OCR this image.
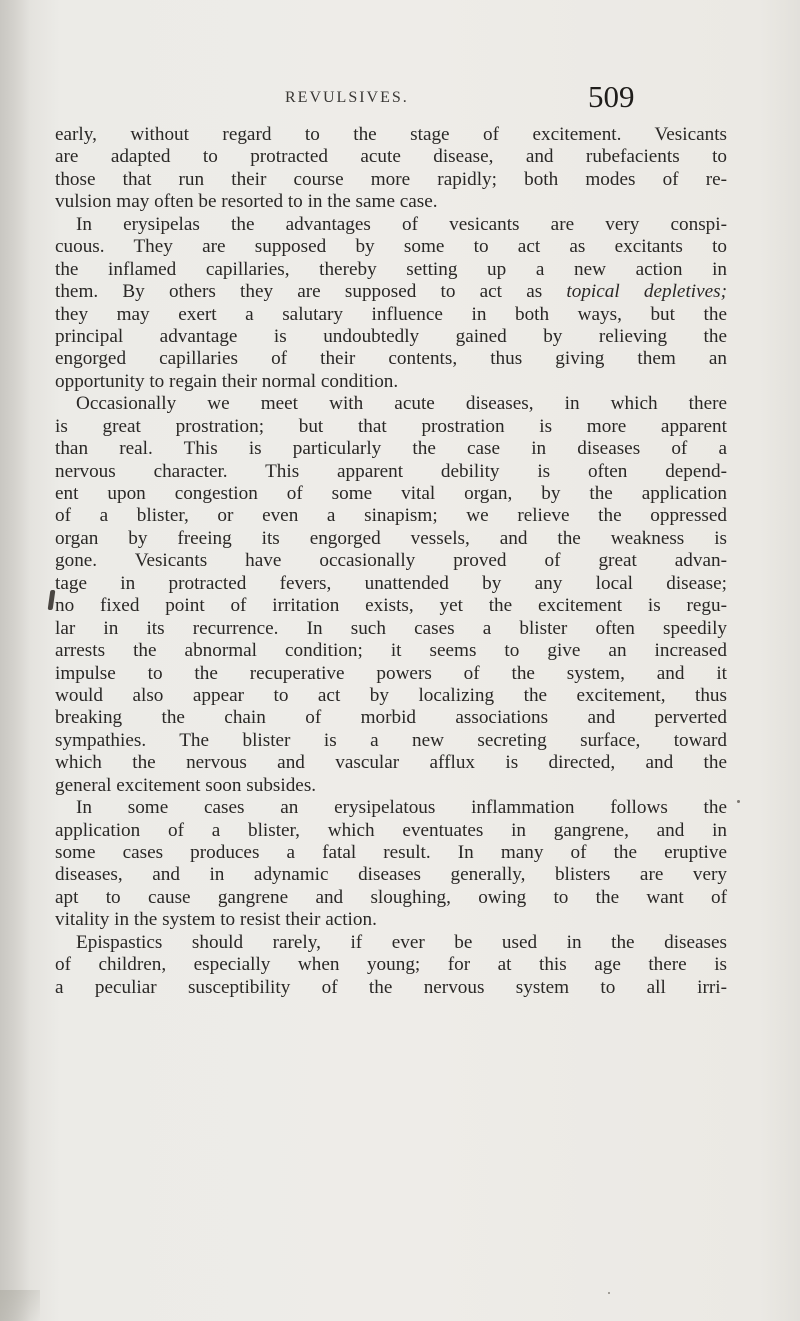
REVULSIVES.	509
early, without regard to the stage of excitement. Vesicants
are adapted to protracted acute disease, and rubefacients to
those that run their course more rapidly; both modes of re-
vulsion may often be resorted to in the same case.
In erysipelas the advantages of vesicants are very conspi-
cuous. They are supposed by some to act as excitants to
the inflamed capillaries, thereby setting up a new action in
them. By others they are supposed to act as topical depletives;
they may exert a salutary influence in both ways, but the
principal advantage is undoubtedly gained by relieving the
engorged capillaries of their contents, thus giving them an
opportunity to regain their normal condition.
Occasionally we meet with acute diseases, in which there
is great prostration; but that prostration is more apparent
than real. This is particularly the case in diseases of a
nervous character. This apparent debility is often depend-
ent upon congestion of some vital organ, by the application
of a blister, or even a sinapism; we relieve the oppressed
organ by freeing its engorged vessels, and the weakness is
gone. Vesicants have occasionally proved of great advan-
tage in protracted fevers, unattended by any local disease;
no fixed point of irritation exists, yet the excitement is regu-
lar in its recurrence. In such cases a blister often speedily
arrests the abnormal condition; it seems to give an increased
impulse to the recuperative powers of the system, and it
would also appear to act by localizing the excitement, thus
breaking the chain of morbid associations and perverted
sympathies. The blister is a new secreting surface, toward
which the nervous and vascular afflux is directed, and the
general excitement soon subsides.
In some cases an erysipelatous inflammation follows the
application of a blister, which eventuates in gangrene, and in
some cases produces a fatal result. In many of the eruptive
diseases, and in adynamic diseases generally, blisters are very
apt to cause gangrene and sloughing, owing to the want of
vitality in the system to resist their action.
Epispastics should rarely, if ever be used in the diseases
of children, especially when young; for at this age there is
a peculiar susceptibility of the nervous system to all irri-
